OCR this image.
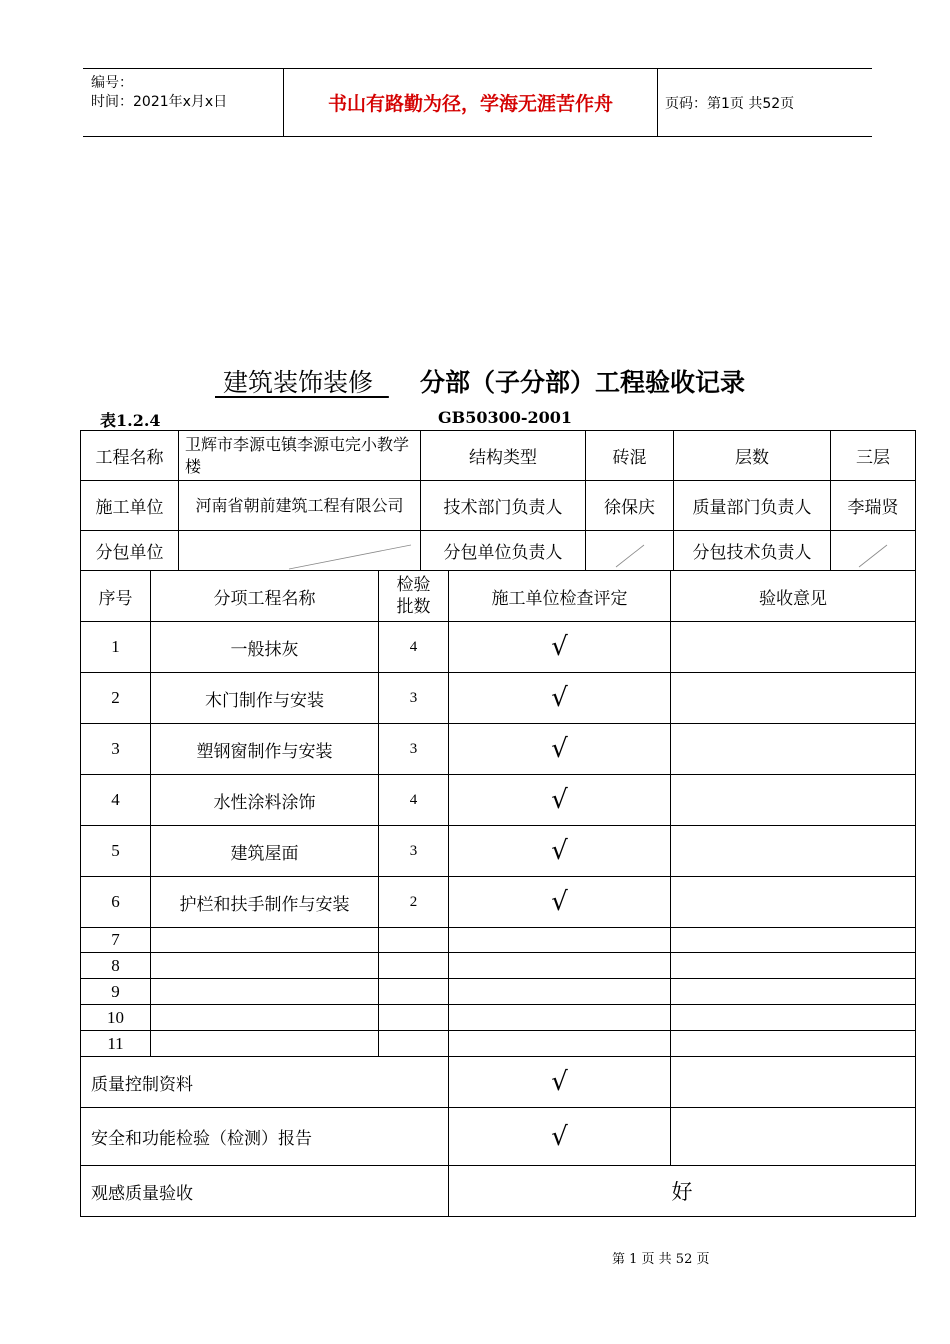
编号：
时间：2021年x月x日	书山有路勤为径，学海无涯苦作舟	页码：第1页 共52页
建筑装饰装修 分部（子分部）工程验收记录
表1.2.4	GB50300-2001
工程名称	卫辉市李源屯镇李源屯完小教学楼	结构类型	砖混	层数	三层
施工单位	河南省朝前建筑工程有限公司	技术部门负责人	徐保庆	质量部门负责人	李瑞贤
分包单位		分包单位负责人		分包技术负责人	
序号	分项工程名称	检验批数	施工单位检查评定	验收意见
1	一般抹灰	4	√	
2	木门制作与安装	3	√	
3	塑钢窗制作与安装	3	√	
4	水性涂料涂饰	4	√	
5	建筑屋面	3	√	
6	护栏和扶手制作与安装	2	√	
7				
8				
9				
10				
11				
质量控制资料			√	
安全和功能检验（检测）报告			√	
观感质量验收			好	
第 1 页 共 52 页
